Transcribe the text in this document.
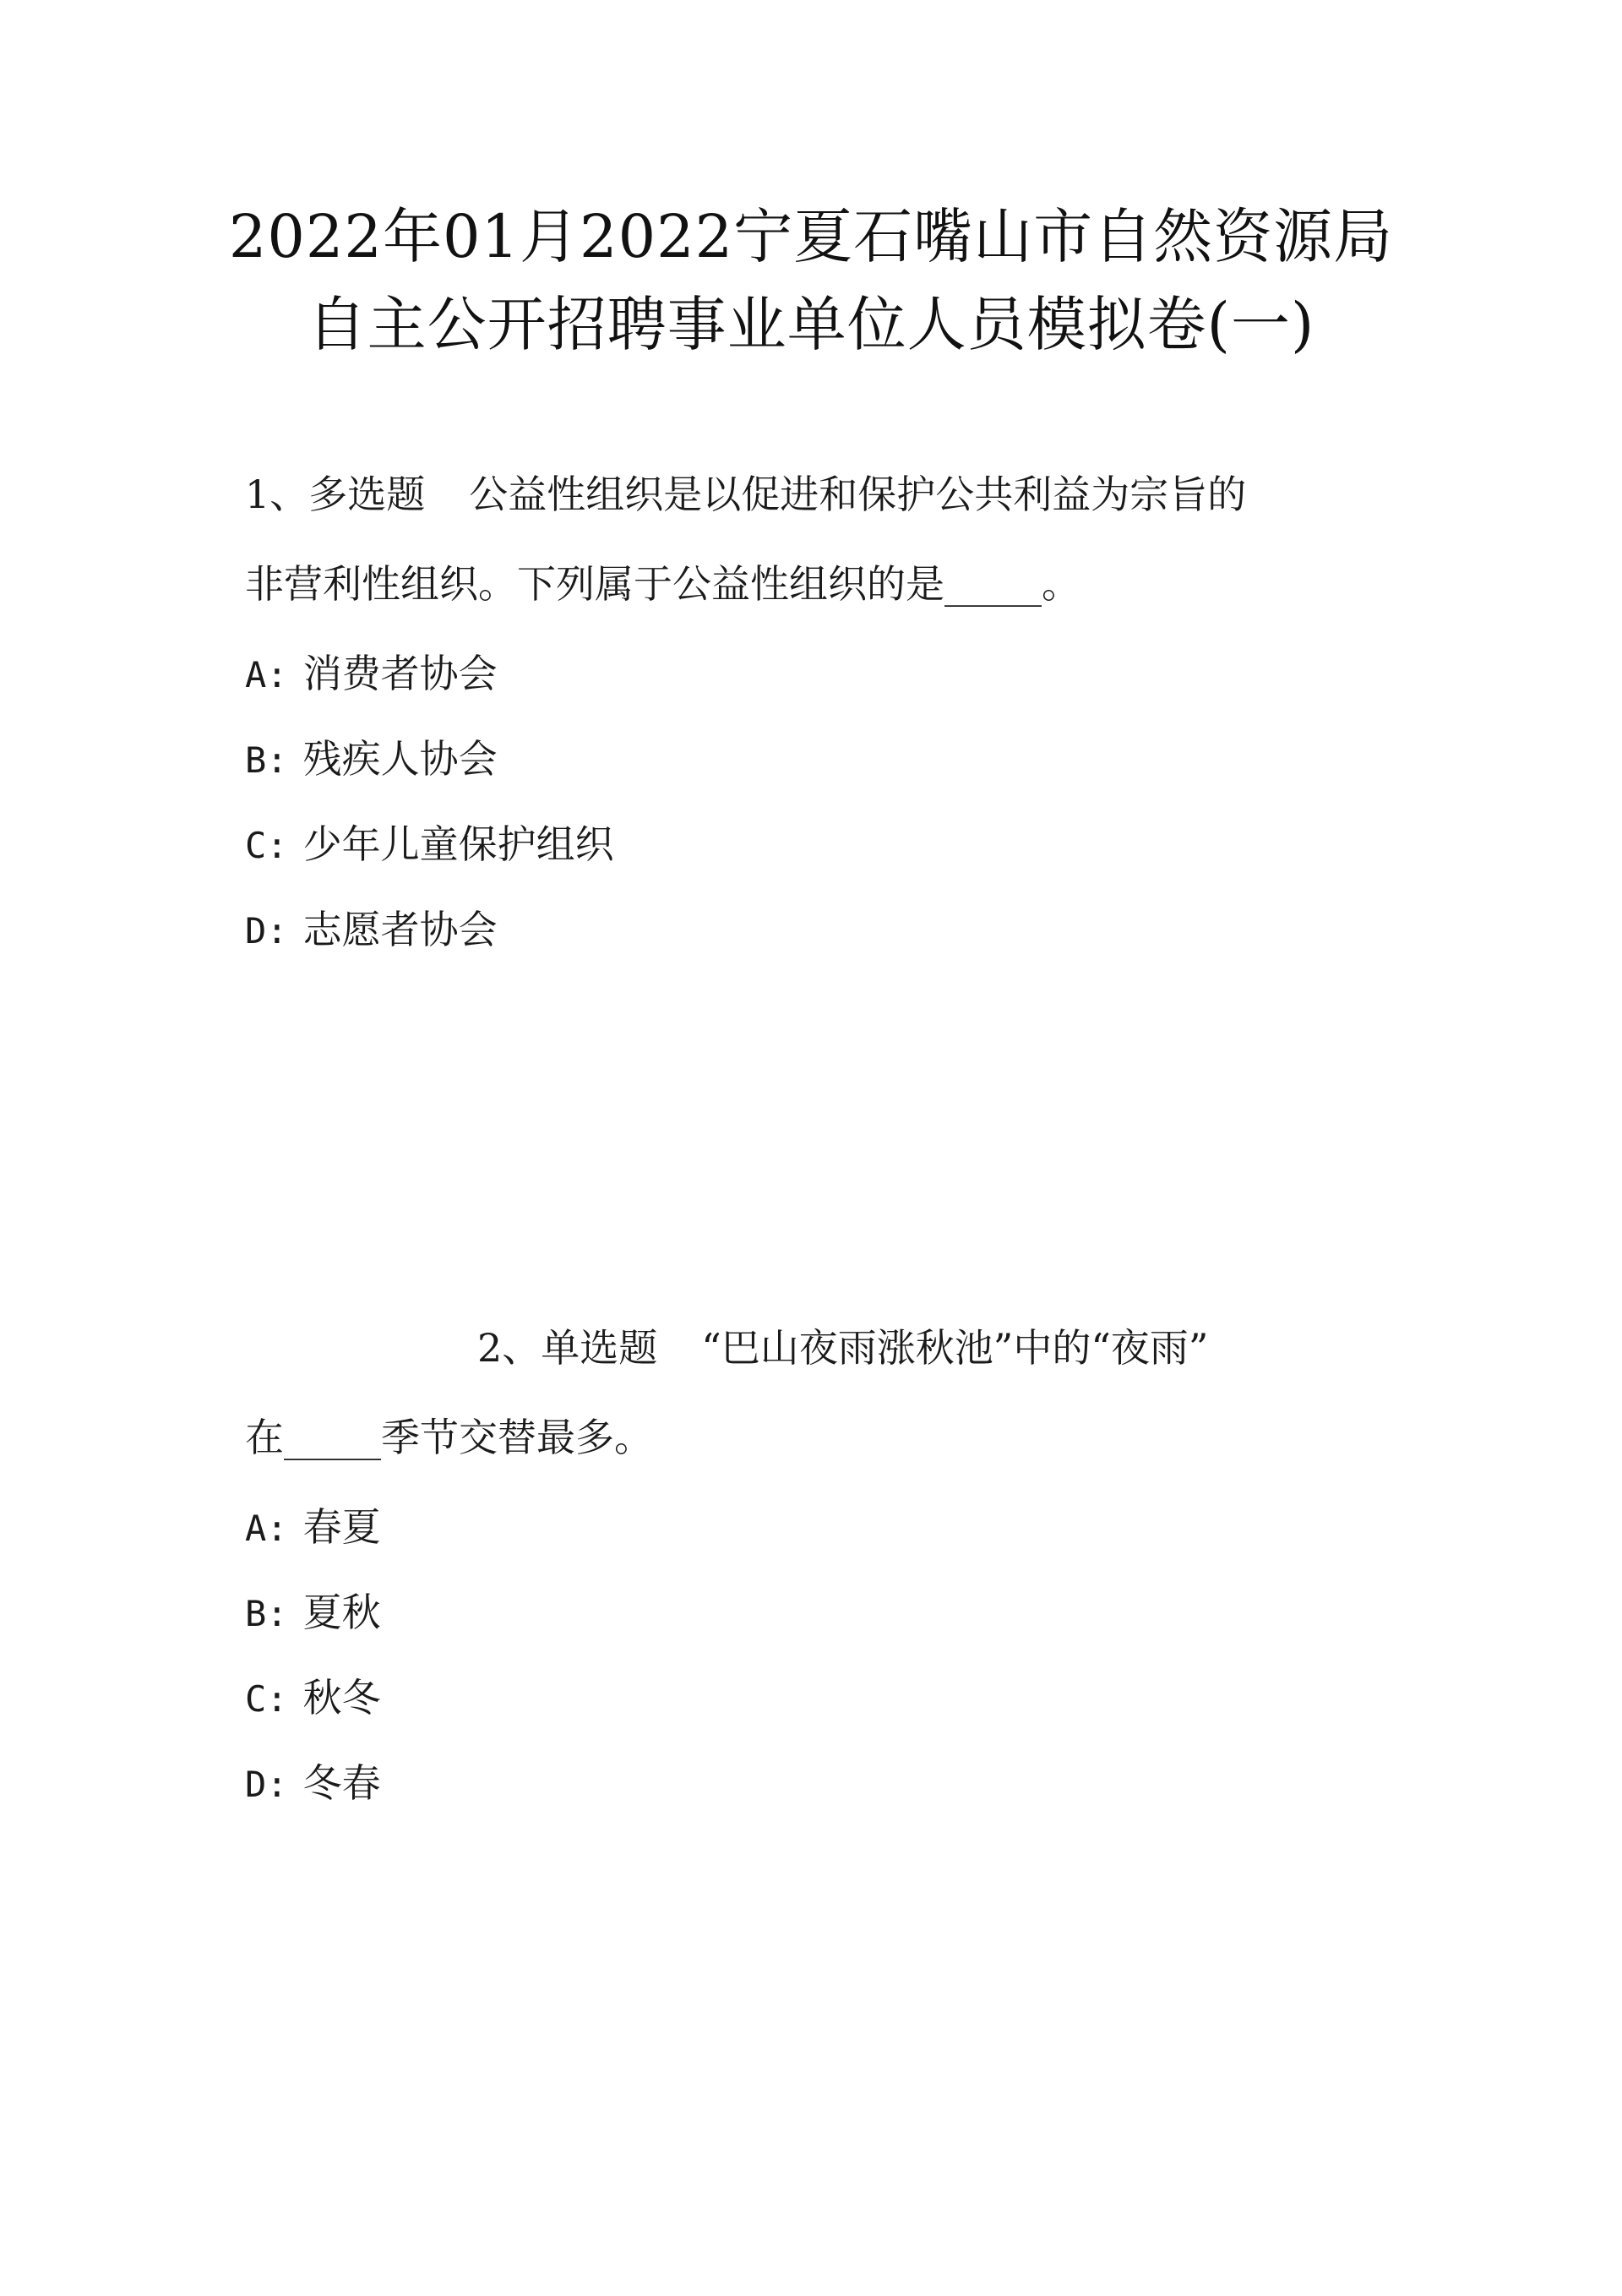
2022年01月2022宁夏石嘴山市自然资源局
自主公开招聘事业单位人员模拟卷(一)
1、多选题 公益性组织是以促进和保护公共利益为宗旨的
非营利性组织。下列属于公益性组织的是_____。
A: 消费者协会
B: 残疾人协会
C: 少年儿童保护组织
D: 志愿者协会
2、单选题 “巴山夜雨涨秋池”中的“夜雨”
在_____季节交替最多。
A: 春夏
B: 夏秋
C: 秋冬
D: 冬春
